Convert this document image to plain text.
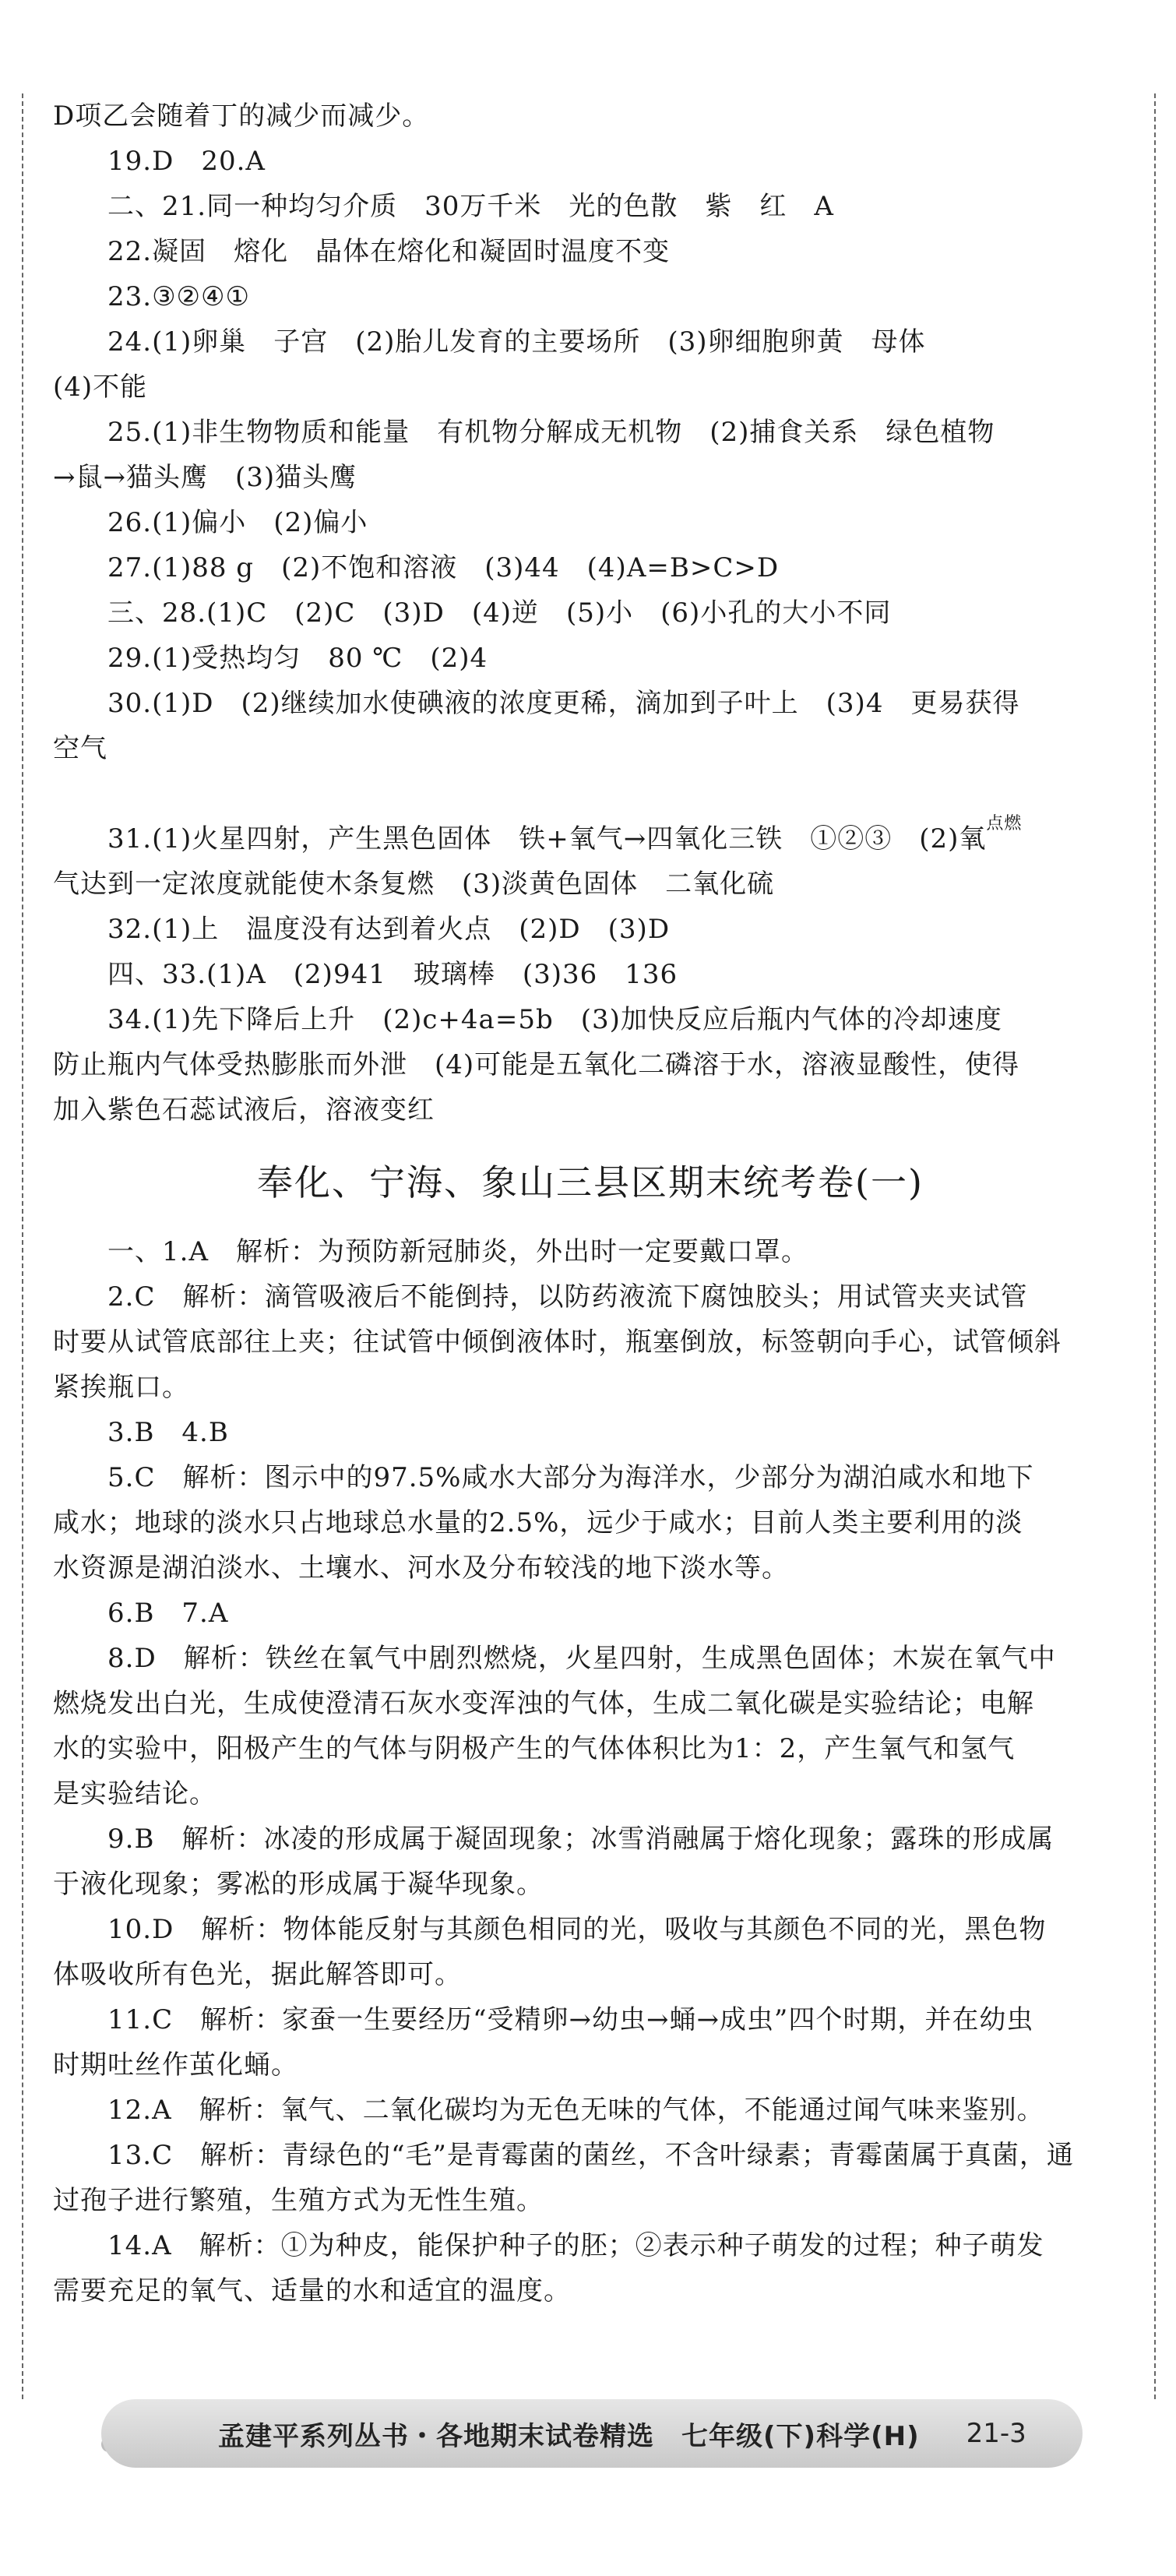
D项乙会随着丁的减少而减少。
19.D　20.A
二、21.同一种均匀介质　30万千米　光的色散　紫　红　A
22.凝固　熔化　晶体在熔化和凝固时温度不变
23.③②④①
24.(1)卵巢　子宫　(2)胎儿发育的主要场所　(3)卵细胞卵黄　母体
(4)不能
25.(1)非生物物质和能量　有机物分解成无机物　(2)捕食关系　绿色植物
→鼠→猫头鹰　(3)猫头鹰
26.(1)偏小　(2)偏小
27.(1)88 g　(2)不饱和溶液　(3)44　(4)A=B>C>D
三、28.(1)C　(2)C　(3)D　(4)逆　(5)小　(6)小孔的大小不同
29.(1)受热均匀　80 ℃　(2)4
30.(1)D　(2)继续加水使碘液的浓度更稀，滴加到子叶上　(3)4　更易获得
空气
31.(1)火星四射，产生黑色固体　铁+氧气→四氧化三铁　①②③　(2)氧$^{点燃}$
气达到一定浓度就能使木条复燃　(3)淡黄色固体　二氧化硫
32.(1)上　温度没有达到着火点　(2)D　(3)D
四、33.(1)A　(2)941　玻璃棒　(3)36　136
34.(1)先下降后上升　(2)c+4a=5b　(3)加快反应后瓶内气体的冷却速度
防止瓶内气体受热膨胀而外泄　(4)可能是五氧化二磷溶于水，溶液显酸性，使得
加入紫色石蕊试液后，溶液变红
奉化、宁海、象山三县区期末统考卷(一)
一、1.A　解析：为预防新冠肺炎，外出时一定要戴口罩。
2.C　解析：滴管吸液后不能倒持，以防药液流下腐蚀胶头；用试管夹夹试管
时要从试管底部往上夹；往试管中倾倒液体时，瓶塞倒放，标签朝向手心，试管倾斜
紧挨瓶口。
3.B　4.B
5.C　解析：图示中的97.5%咸水大部分为海洋水，少部分为湖泊咸水和地下
咸水；地球的淡水只占地球总水量的2.5%，远少于咸水；目前人类主要利用的淡
水资源是湖泊淡水、土壤水、河水及分布较浅的地下淡水等。
6.B　7.A
8.D　解析：铁丝在氧气中剧烈燃烧，火星四射，生成黑色固体；木炭在氧气中
燃烧发出白光，生成使澄清石灰水变浑浊的气体，生成二氧化碳是实验结论；电解
水的实验中，阳极产生的气体与阴极产生的气体体积比为1：2，产生氧气和氢气
是实验结论。
9.B　解析：冰凌的形成属于凝固现象；冰雪消融属于熔化现象；露珠的形成属
于液化现象；雾凇的形成属于凝华现象。
10.D　解析：物体能反射与其颜色相同的光，吸收与其颜色不同的光，黑色物
体吸收所有色光，据此解答即可。
11.C　解析：家蚕一生要经历“受精卵→幼虫→蛹→成虫”四个时期，并在幼虫
时期吐丝作茧化蛹。
12.A　解析：氧气、二氧化碳均为无色无味的气体，不能通过闻气味来鉴别。
13.C　解析：青绿色的“毛”是青霉菌的菌丝，不含叶绿素；青霉菌属于真菌，通
过孢子进行繁殖，生殖方式为无性生殖。
14.A　解析：①为种皮，能保护种子的胚；②表示种子萌发的过程；种子萌发
需要充足的氧气、适量的水和适宜的温度。
孟建平系列丛书・各地期末试卷精选　七年级(下)科学(H) 21-3
